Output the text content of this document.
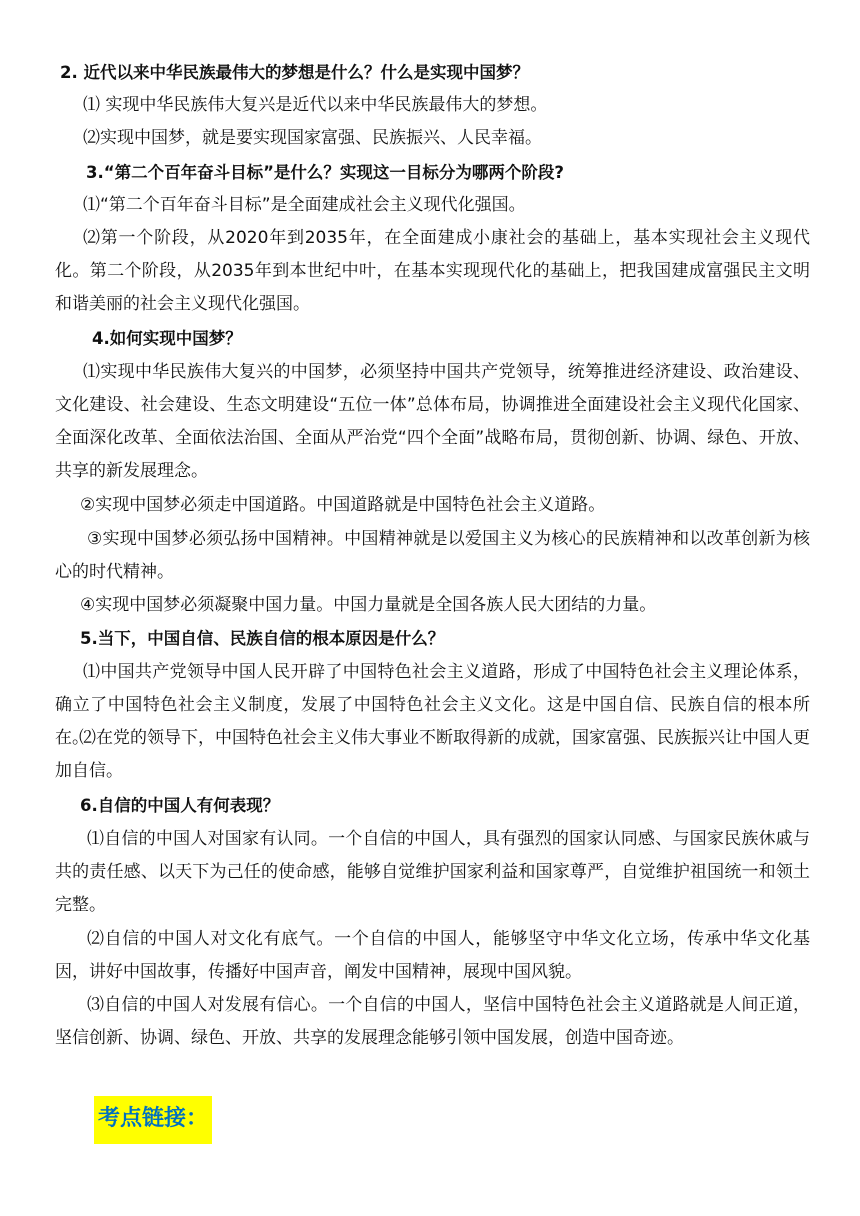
2. 近代以来中华民族最伟大的梦想是什么？什么是实现中国梦？

⑴ 实现中华民族伟大复兴是近代以来中华民族最伟大的梦想。

⑵实现中国梦，就是要实现国家富强、民族振兴、人民幸福。

3.“第二个百年奋斗目标”是什么？实现这一目标分为哪两个阶段?

⑴“第二个百年奋斗目标”是全面建成社会主义现代化强国。

⑵第一个阶段，从2020年到2035年，在全面建成小康社会的基础上，基本实现社会主义现代化。第二个阶段，从2035年到本世纪中叶，在基本实现现代化的基础上，把我国建成富强民主文明和谐美丽的社会主义现代化强国。

4.如何实现中国梦？

⑴实现中华民族伟大复兴的中国梦，必须坚持中国共产党领导，统筹推进经济建设、政治建设、文化建设、社会建设、生态文明建设“五位一体”总体布局，协调推进全面建设社会主义现代化国家、全面深化改革、全面依法治国、全面从严治党“四个全面”战略布局，贯彻创新、协调、绿色、开放、共享的新发展理念。

②实现中国梦必须走中国道路。中国道路就是中国特色社会主义道路。

③实现中国梦必须弘扬中国精神。中国精神就是以爱国主义为核心的民族精神和以改革创新为核心的时代精神。

④实现中国梦必须凝聚中国力量。中国力量就是全国各族人民大团结的力量。

5.当下，中国自信、民族自信的根本原因是什么？

⑴中国共产党领导中国人民开辟了中国特色社会主义道路，形成了中国特色社会主义理论体系，确立了中国特色社会主义制度，发展了中国特色社会主义文化。这是中国自信、民族自信的根本所在。

⑵在党的领导下，中国特色社会主义伟大事业不断取得新的成就，国家富强、民族振兴让中国人更加自信。

6.自信的中国人有何表现？

⑴自信的中国人对国家有认同。一个自信的中国人，具有强烈的国家认同感、与国家民族休戚与共的责任感、以天下为己任的使命感，能够自觉维护国家利益和国家尊严，自觉维护祖国统一和领土完整。

⑵自信的中国人对文化有底气。一个自信的中国人，能够坚守中华文化立场，传承中华文化基因，讲好中国故事，传播好中国声音，阐发中国精神，展现中国风貌。

⑶自信的中国人对发展有信心。一个自信的中国人，坚信中国特色社会主义道路就是人间正道，坚信创新、协调、绿色、开放、共享的发展理念能够引领中国发展，创造中国奇迹。

考点链接：
